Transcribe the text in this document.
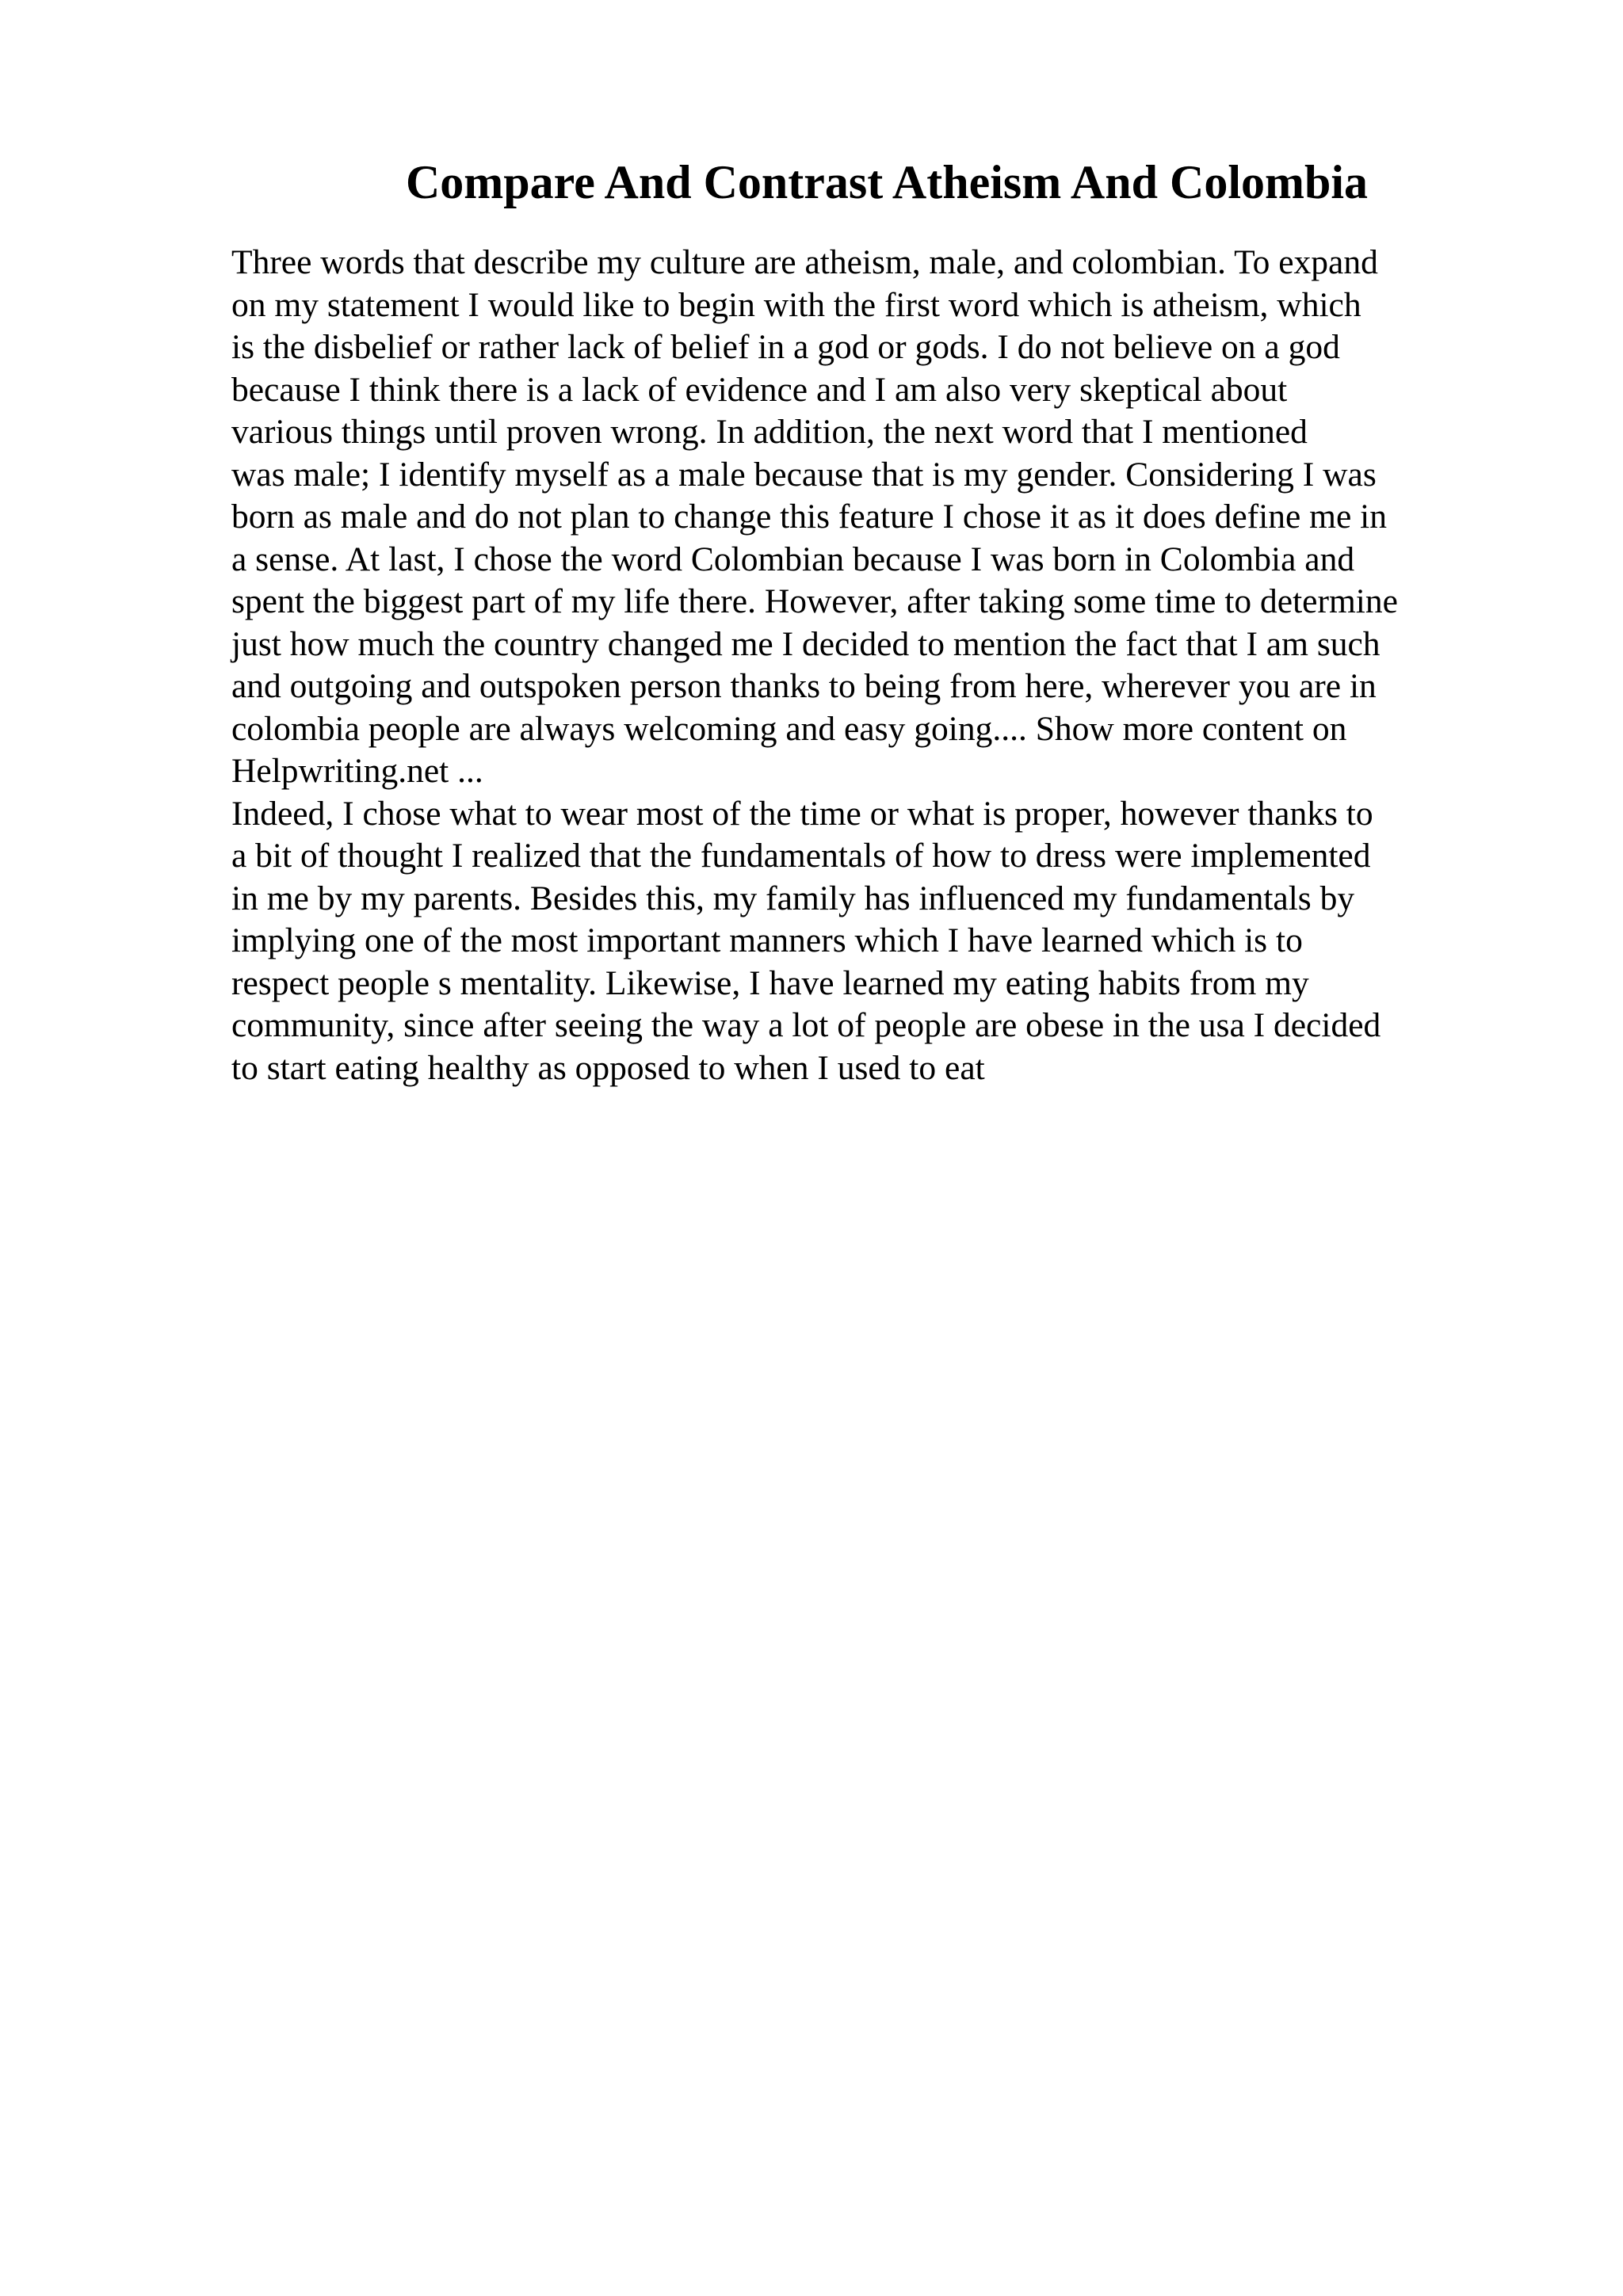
Compare And Contrast Atheism And Colombia
Three words that describe my culture are atheism, male, and colombian. To expand
on my statement I would like to begin with the first word which is atheism, which
is the disbelief or rather lack of belief in a god or gods. I do not believe on a god
because I think there is a lack of evidence and I am also very skeptical about
various things until proven wrong. In addition, the next word that I mentioned
was male; I identify myself as a male because that is my gender. Considering I was
born as male and do not plan to change this feature I chose it as it does define me in
a sense. At last, I chose the word Colombian because I was born in Colombia and
spent the biggest part of my life there. However, after taking some time to determine
just how much the country changed me I decided to mention the fact that I am such
and outgoing and outspoken person thanks to being from here, wherever you are in
colombia people are always welcoming and easy going.... Show more content on
Helpwriting.net ...
Indeed, I chose what to wear most of the time or what is proper, however thanks to
a bit of thought I realized that the fundamentals of how to dress were implemented
in me by my parents. Besides this, my family has influenced my fundamentals by
implying one of the most important manners which I have learned which is to
respect people s mentality. Likewise, I have learned my eating habits from my
community, since after seeing the way a lot of people are obese in the usa I decided
to start eating healthy as opposed to when I used to eat
